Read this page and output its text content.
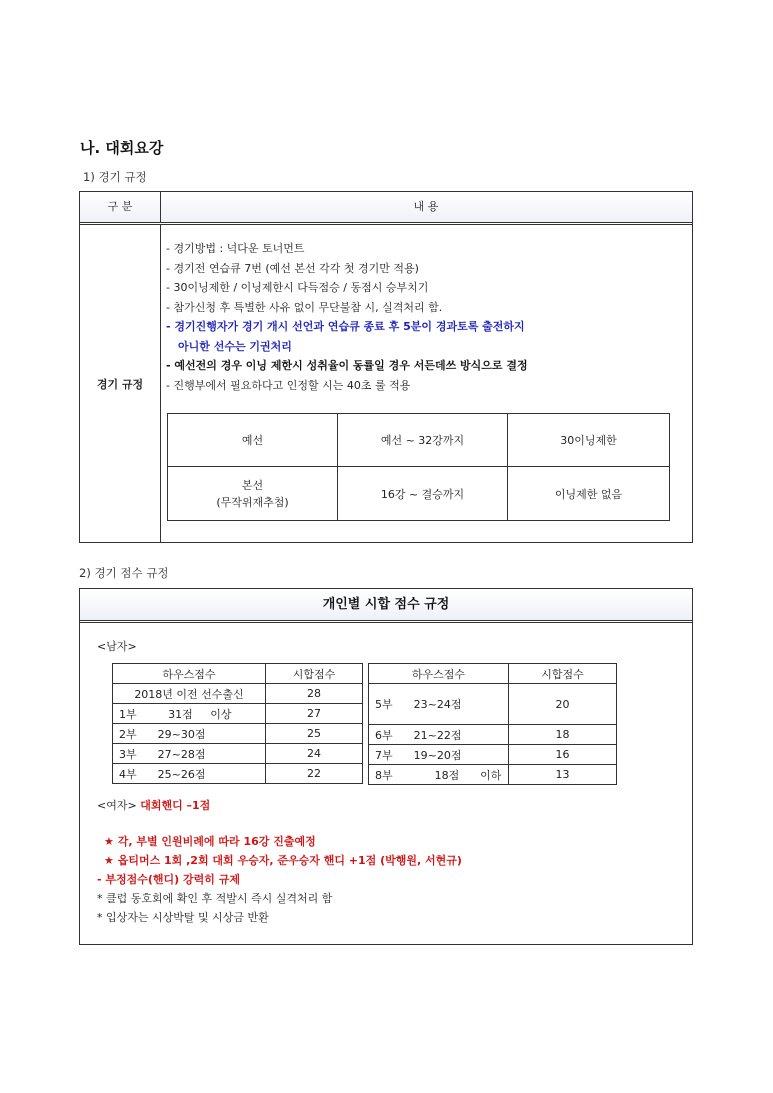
나. 대회요강
1) 경기 규정
구 분	내 용
경기 규정
- 경기방법 : 넉다운 토너먼트
- 경기전 연습큐 7번 (예선 본선 각각 첫 경기만 적용)
- 30이닝제한 / 이닝제한시 다득점승 / 동점시 승부치기
- 참가신청 후 특별한 사유 없이 무단불참 시, 실격처리 함.
- 경기진행자가 경기 개시 선언과 연습큐 종료 후 5분이 경과토록 출전하지
아니한 선수는 기권처리
- 예선전의 경우 이닝 제한시 성취율이 동률일 경우 서든데쓰 방식으로 결정
- 진행부에서 필요하다고 인정할 시는 40초 룰 적용
예선	예선 ~ 32강까지	30이닝제한

본선
(무작위재추첨)	16강 ~ 결승까지	이닝제한 없음
2) 경기 점수 규정
개인별 시합 점수 규정
<남자>
하우스점수	시합점수
2018년 이전 선수출신	28
1부         31점     이상	27
2부      29~30점	25
3부      27~28점	24
4부      25~26점	22
하우스점수	시합점수
5부      23~24점	20
6부      21~22점	18
7부      19~20점	16
8부            18점      이하	13
<여자> 대회핸디 –1점
★ 각, 부별 인원비례에 따라 16강 진출예정
★ 옵티머스 1회 ,2회 대회 우승자, 준우승자 핸디 +1점 (박행원, 서현규)
- 부정점수(핸디) 강력히 규제
* 클럽 동호회에 확인 후 적발시 즉시 실격처리 함
* 입상자는 시상박탈 및 시상금 반환
